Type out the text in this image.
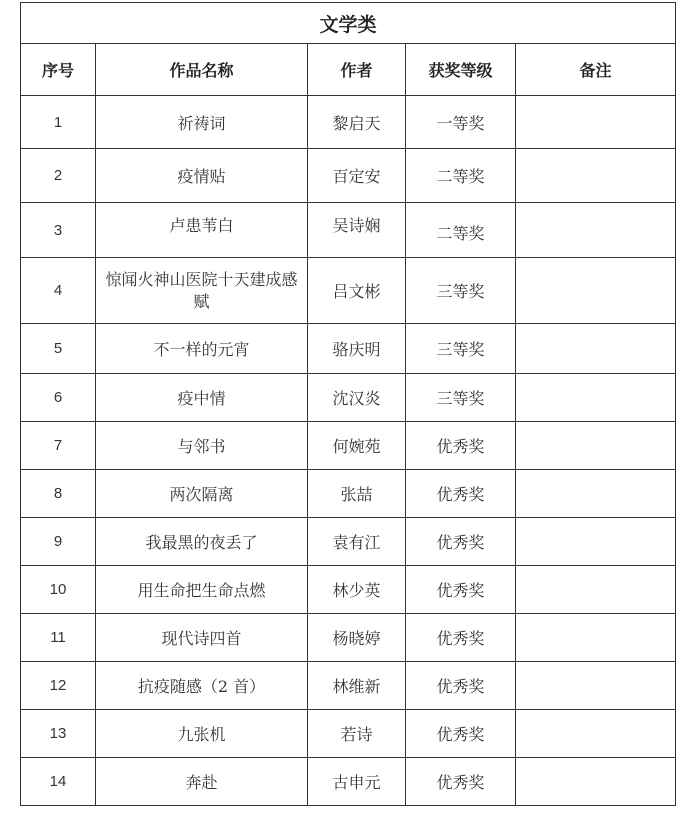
文学类				
序号	作品名称	作者	获奖等级	备注
1	祈祷词	黎启天	一等奖	
2	疫情贴	百定安	二等奖	
3	卢患苇白	吴诗娴	二等奖	
4	惊闻火神山医院十天建成感赋	吕文彬	三等奖	
5	不一样的元宵	骆庆明	三等奖	
6	疫中情	沈汉炎	三等奖	
7	与邻书	何婉苑	优秀奖	
8	两次隔离	张喆	优秀奖	
9	我最黑的夜丢了	袁有江	优秀奖	
10	用生命把生命点燃	林少英	优秀奖	
11	现代诗四首	杨晓婷	优秀奖	
12	抗疫随感（2 首）	林维新	优秀奖	
13	九张机	若诗	优秀奖	
14	奔赴	古申元	优秀奖	
